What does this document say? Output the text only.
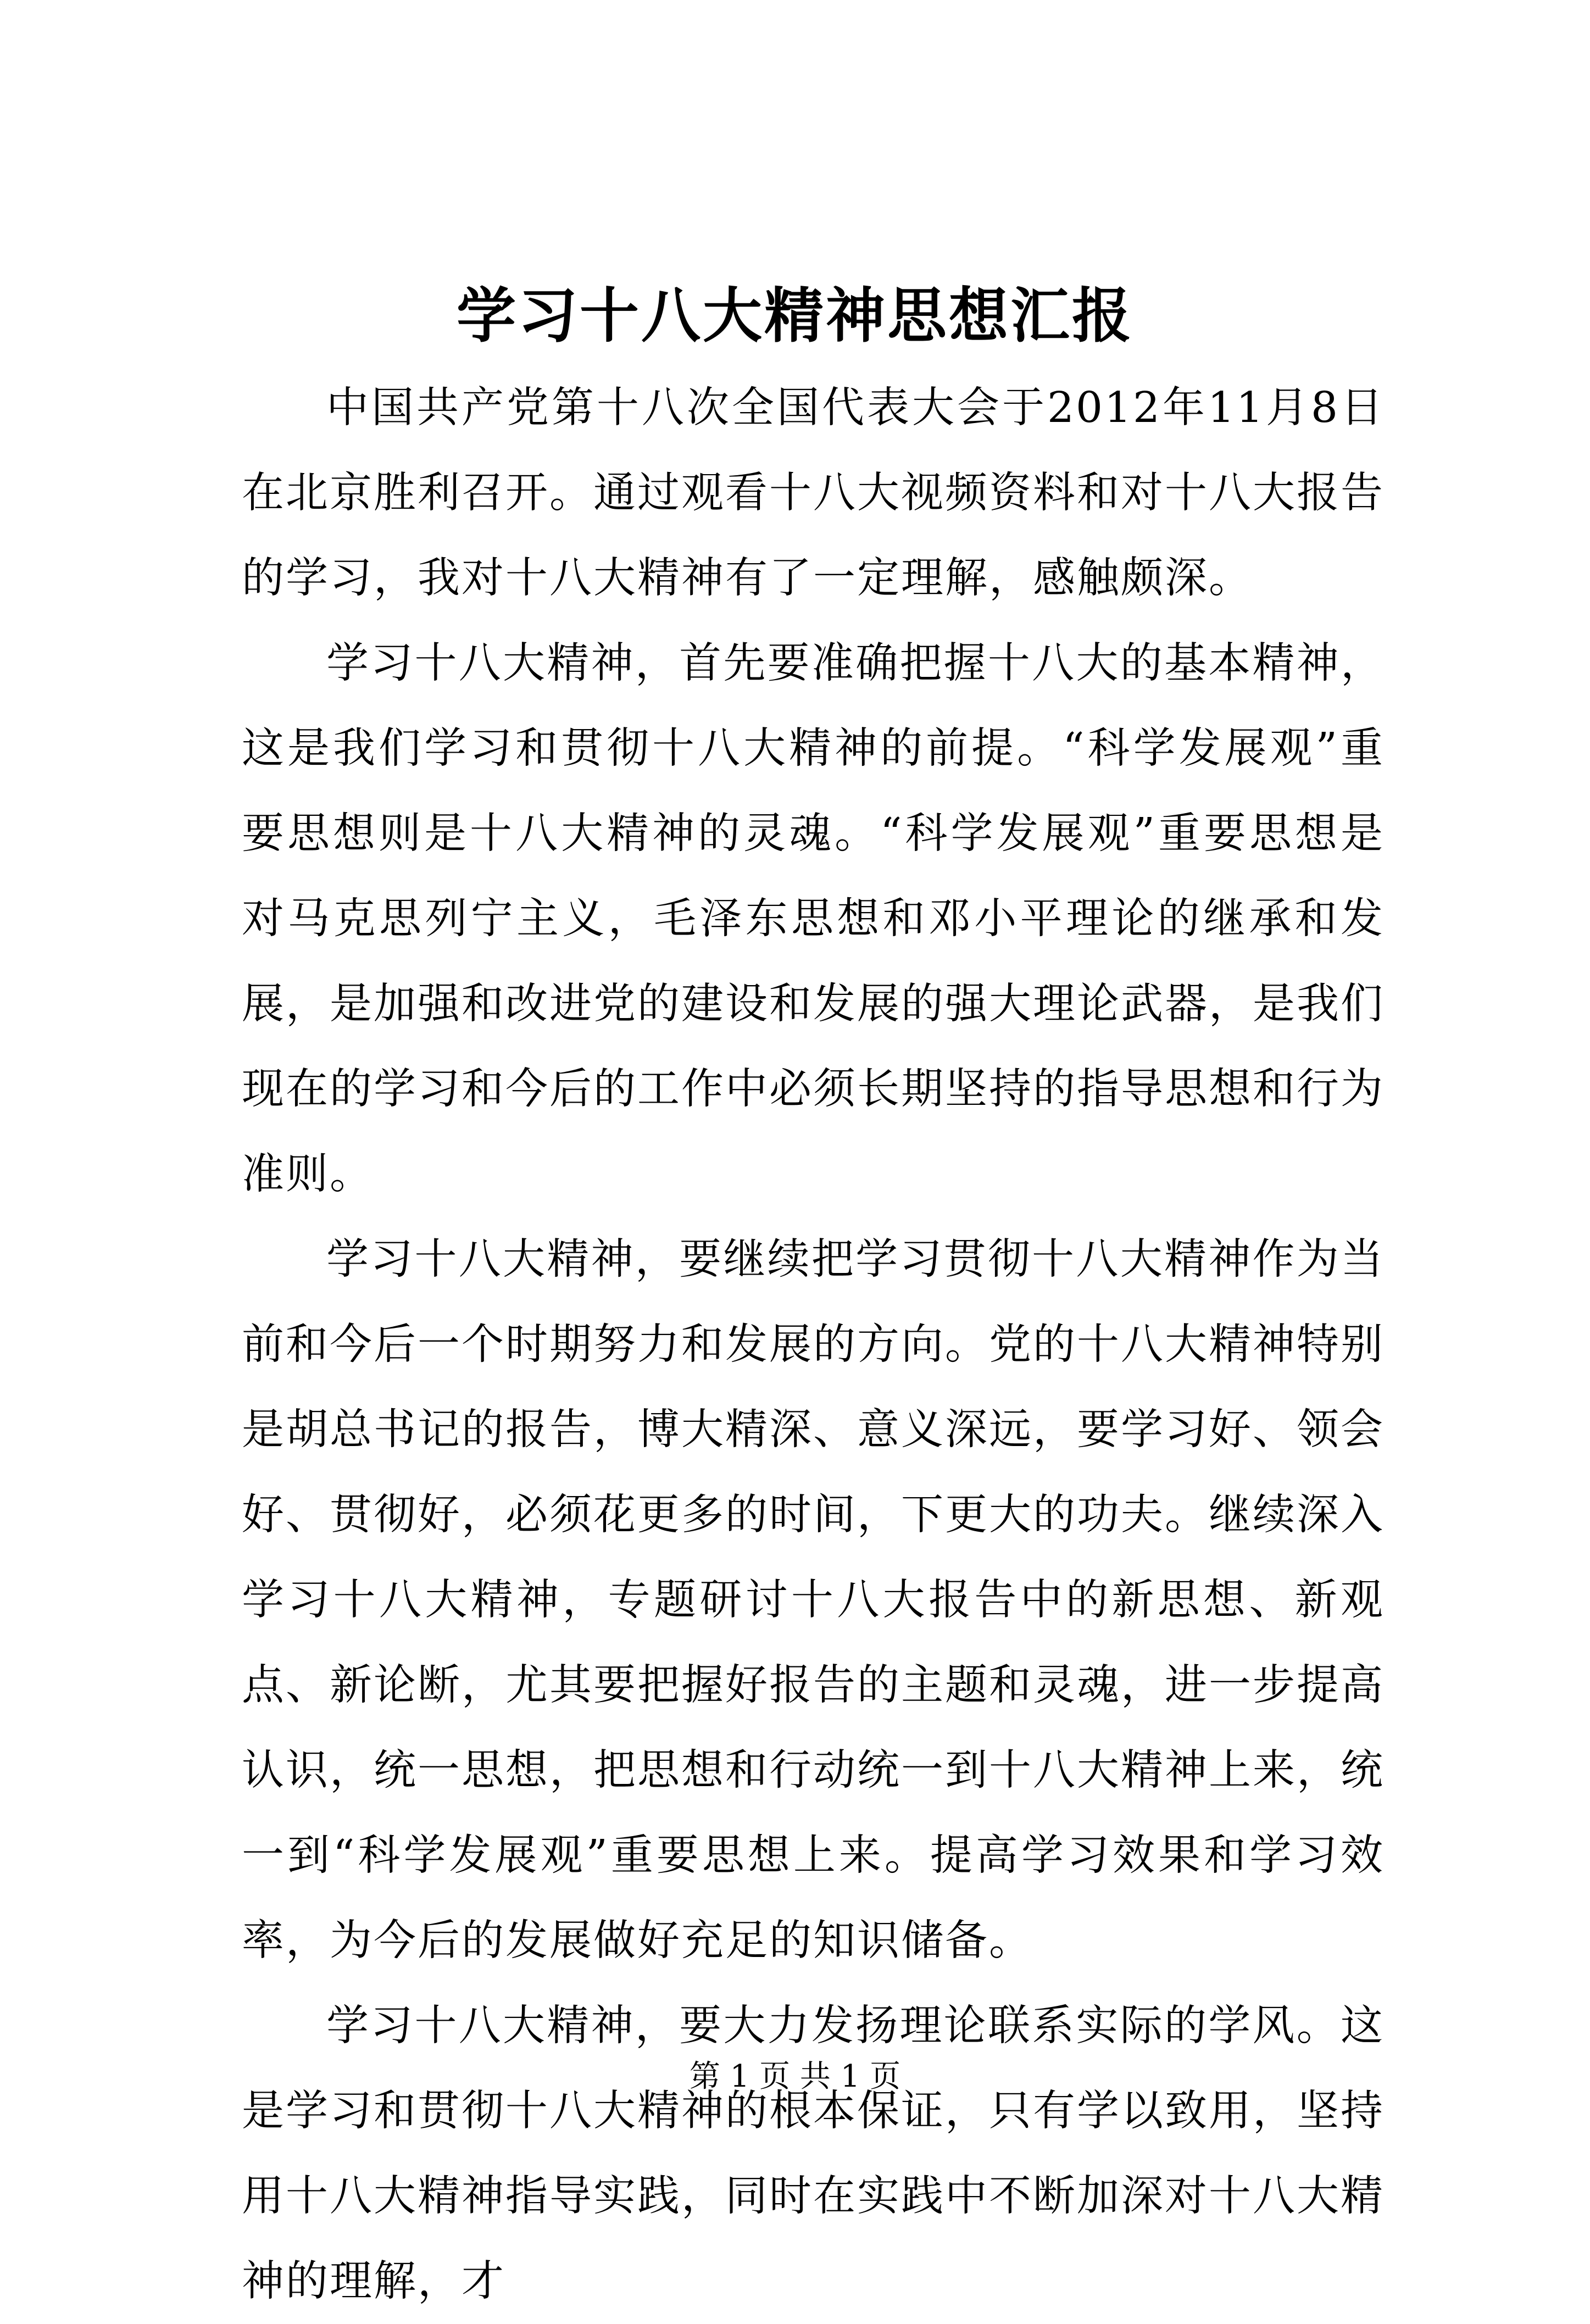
学习十八大精神思想汇报

中国共产党第十八次全国代表大会于2012年11月8日在北京胜利召开。通过观看十八大视频资料和对十八大报告的学习，我对十八大精神有了一定理解，感触颇深。

学习十八大精神，首先要准确把握十八大的基本精神，这是我们学习和贯彻十八大精神的前提。“科学发展观”重要思想则是十八大精神的灵魂。“科学发展观”重要思想是对马克思列宁主义，毛泽东思想和邓小平理论的继承和发展，是加强和改进党的建设和发展的强大理论武器，是我们现在的学习和今后的工作中必须长期坚持的指导思想和行为准则。

学习十八大精神，要继续把学习贯彻十八大精神作为当前和今后一个时期努力和发展的方向。党的十八大精神特别是胡总书记的报告，博大精深、意义深远，要学习好、领会好、贯彻好，必须花更多的时间，下更大的功夫。继续深入学习十八大精神，专题研讨十八大报告中的新思想、新观点、新论断，尤其要把握好报告的主题和灵魂，进一步提高认识，统一思想，把思想和行动统一到十八大精神上来，统一到“科学发展观”重要思想上来。提高学习效果和学习效率，为今后的发展做好充足的知识储备。

学习十八大精神，要大力发扬理论联系实际的学风。这是学习和贯彻十八大精神的根本保证，只有学以致用，坚持用十八大精神指导实践，同时在实践中不断加深对十八大精神的理解，才

第 1 页 共 1 页
